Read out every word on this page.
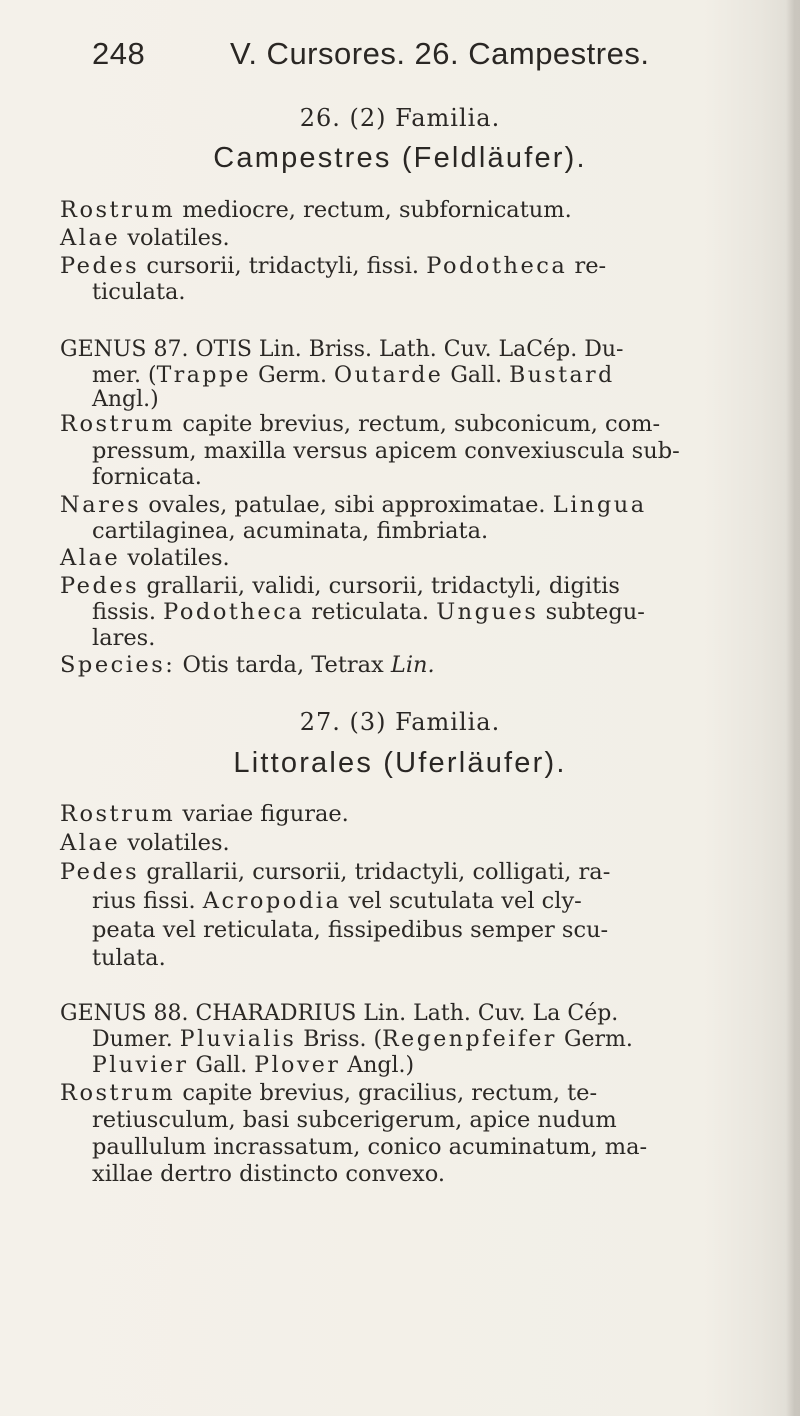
248	V. Cursores. 26. Campestres.
26. (2) Familia.
Campestres (Feldläufer).
Rostrum mediocre, rectum, subfornicatum.
Alae volatiles.
Pedes cursorii, tridactyli, fissi. Podotheca re-
ticulata.
GENUS 87. OTIS Lin. Briss. Lath. Cuv. LaCép. Du-
mer. (Trappe Germ. Outarde Gall. Bustard
Angl.)
Rostrum capite brevius, rectum, subconicum, com-
pressum, maxilla versus apicem convexiuscula sub-
fornicata.
Nares ovales, patulae, sibi approximatae. Lingua
cartilaginea, acuminata, fimbriata.
Alae volatiles.
Pedes grallarii, validi, cursorii, tridactyli, digitis
fissis. Podotheca reticulata. Ungues subtegu-
lares.
Species: Otis tarda, Tetrax Lin.
27. (3) Familia.
Littorales (Uferläufer).
Rostrum variae figurae.
Alae volatiles.
Pedes grallarii, cursorii, tridactyli, colligati, ra-
rius fissi. Acropodia vel scutulata vel cly-
peata vel reticulata, fissipedibus semper scu-
tulata.
GENUS 88. CHARADRIUS Lin. Lath. Cuv. La Cép.
Dumer. Pluvialis Briss. (Regenpfeifer Germ.
Pluvier Gall. Plover Angl.)
Rostrum capite brevius, gracilius, rectum, te-
retiusculum, basi subcerigerum, apice nudum
paullulum incrassatum, conico acuminatum, ma-
xillae dertro distincto convexo.
